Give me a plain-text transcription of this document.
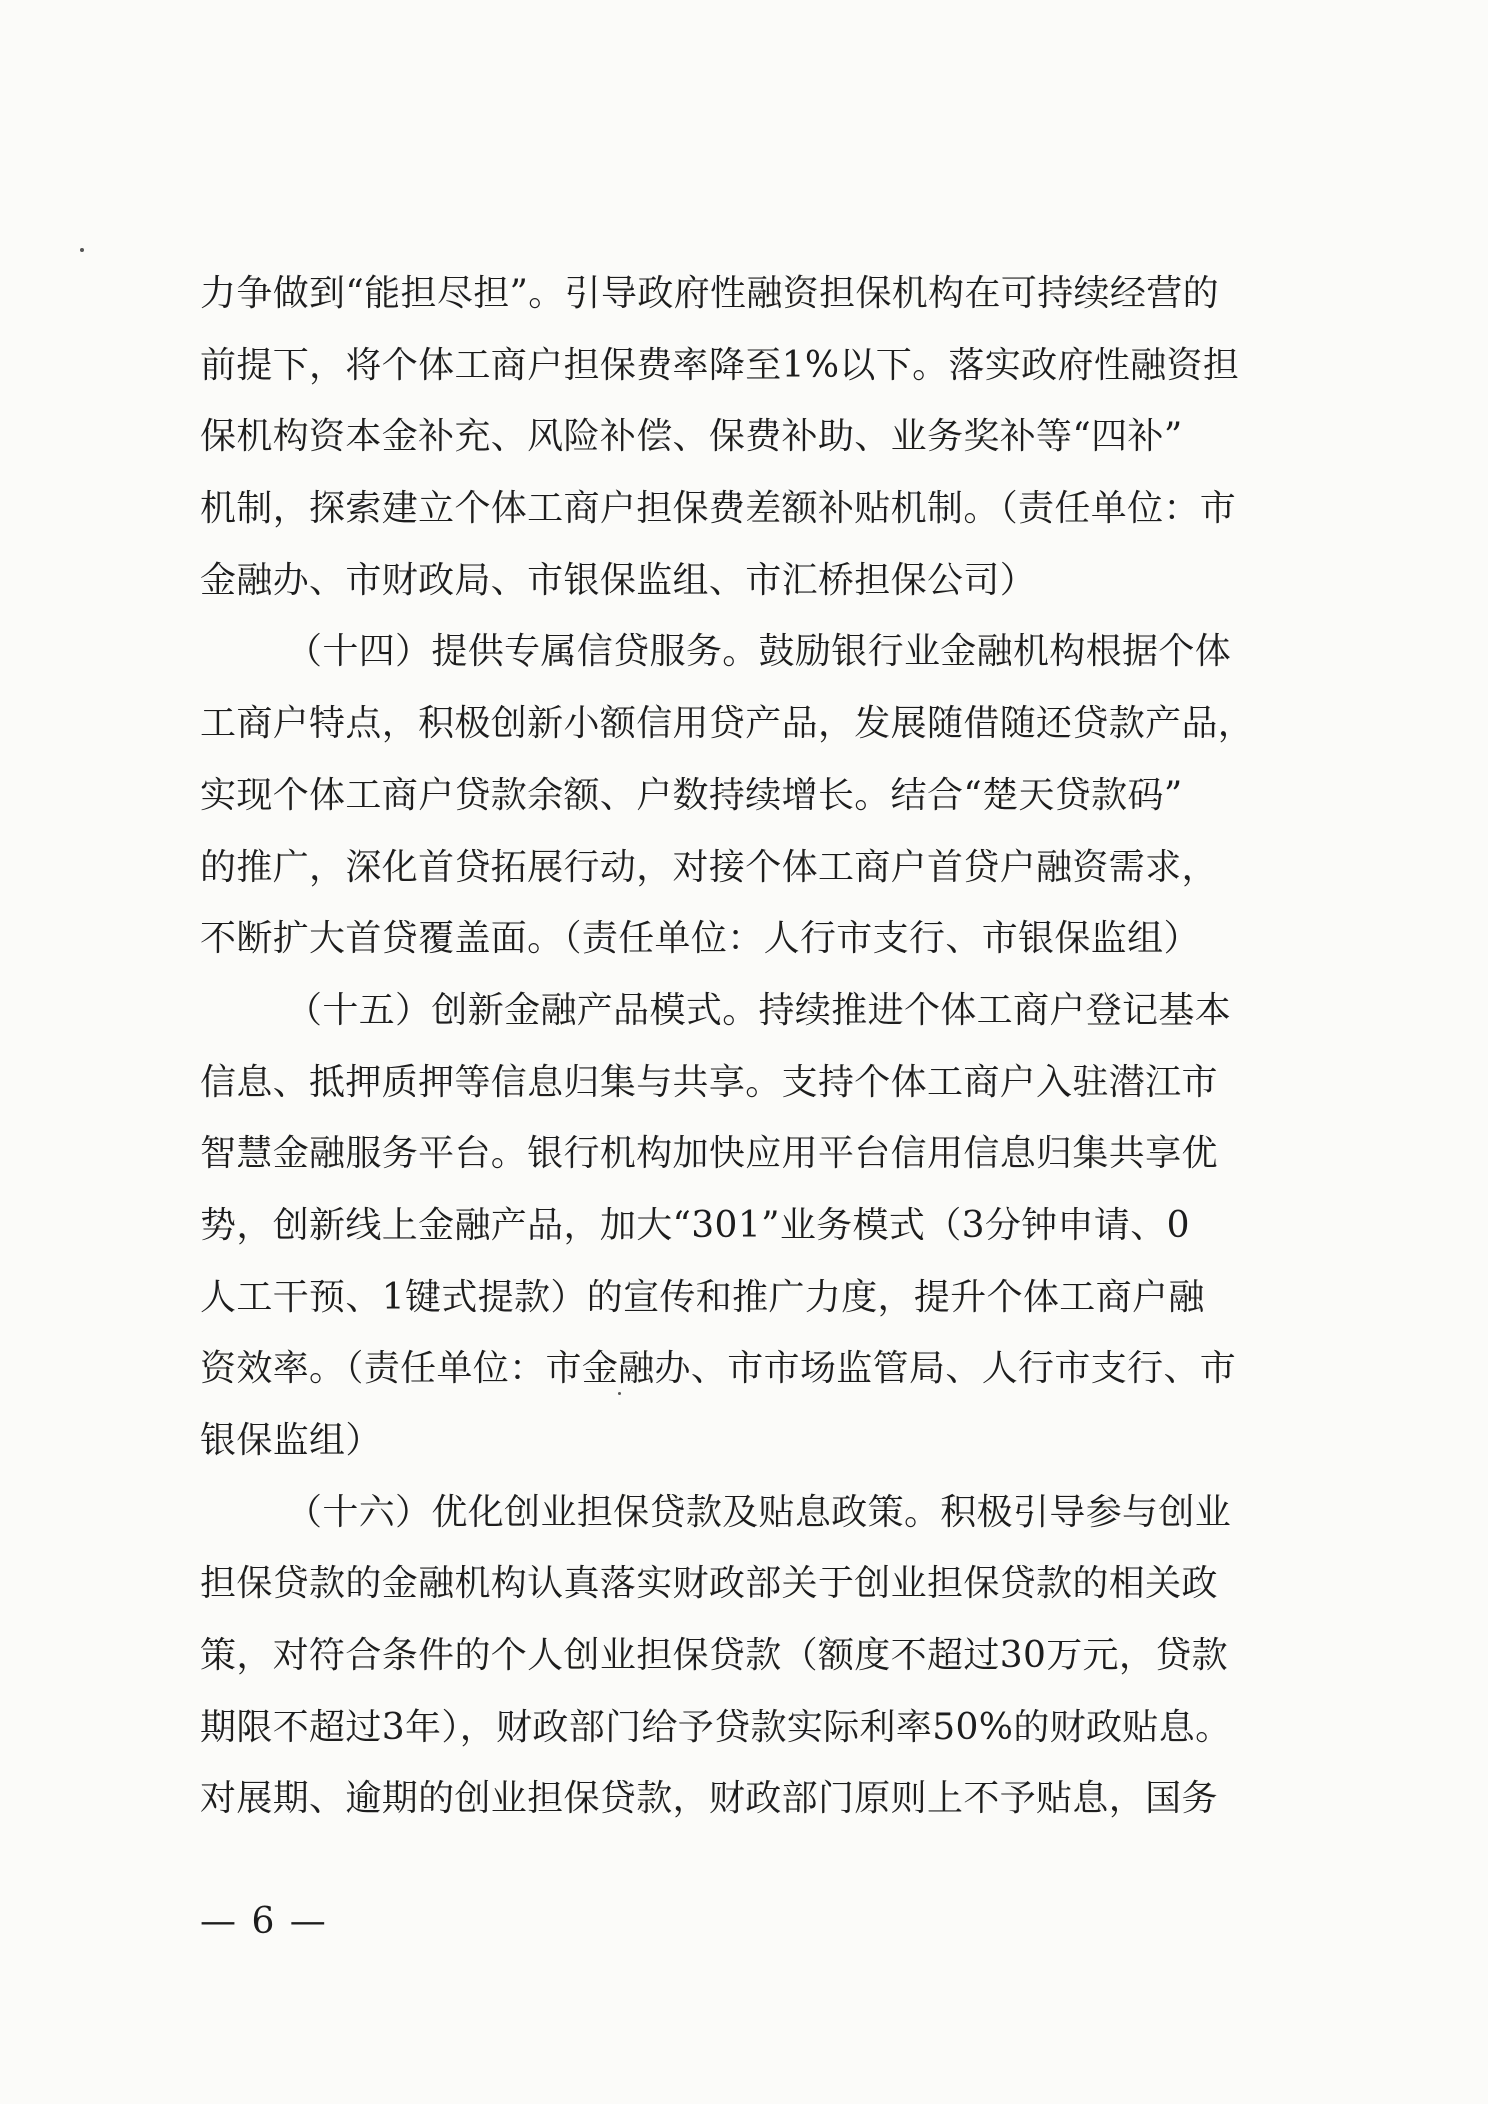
力争做到“能担尽担”。引导政府性融资担保机构在可持续经营的
前提下，将个体工商户担保费率降至1%以下。落实政府性融资担
保机构资本金补充、风险补偿、保费补助、业务奖补等“四补”
机制，探索建立个体工商户担保费差额补贴机制。（责任单位：市
金融办、市财政局、市银保监组、市汇桥担保公司）
（十四）提供专属信贷服务。鼓励银行业金融机构根据个体
工商户特点，积极创新小额信用贷产品，发展随借随还贷款产品，
实现个体工商户贷款余额、户数持续增长。结合“楚天贷款码”
的推广，深化首贷拓展行动，对接个体工商户首贷户融资需求，
不断扩大首贷覆盖面。（责任单位：人行市支行、市银保监组）
（十五）创新金融产品模式。持续推进个体工商户登记基本
信息、抵押质押等信息归集与共享。支持个体工商户入驻潜江市
智慧金融服务平台。银行机构加快应用平台信用信息归集共享优
势，创新线上金融产品，加大“301”业务模式（3分钟申请、0
人工干预、1键式提款）的宣传和推广力度，提升个体工商户融
资效率。（责任单位：市金融办、市市场监管局、人行市支行、市
银保监组）
（十六）优化创业担保贷款及贴息政策。积极引导参与创业
担保贷款的金融机构认真落实财政部关于创业担保贷款的相关政
策，对符合条件的个人创业担保贷款（额度不超过30万元，贷款
期限不超过3年），财政部门给予贷款实际利率50%的财政贴息。
对展期、逾期的创业担保贷款，财政部门原则上不予贴息，国务
— 6 —
